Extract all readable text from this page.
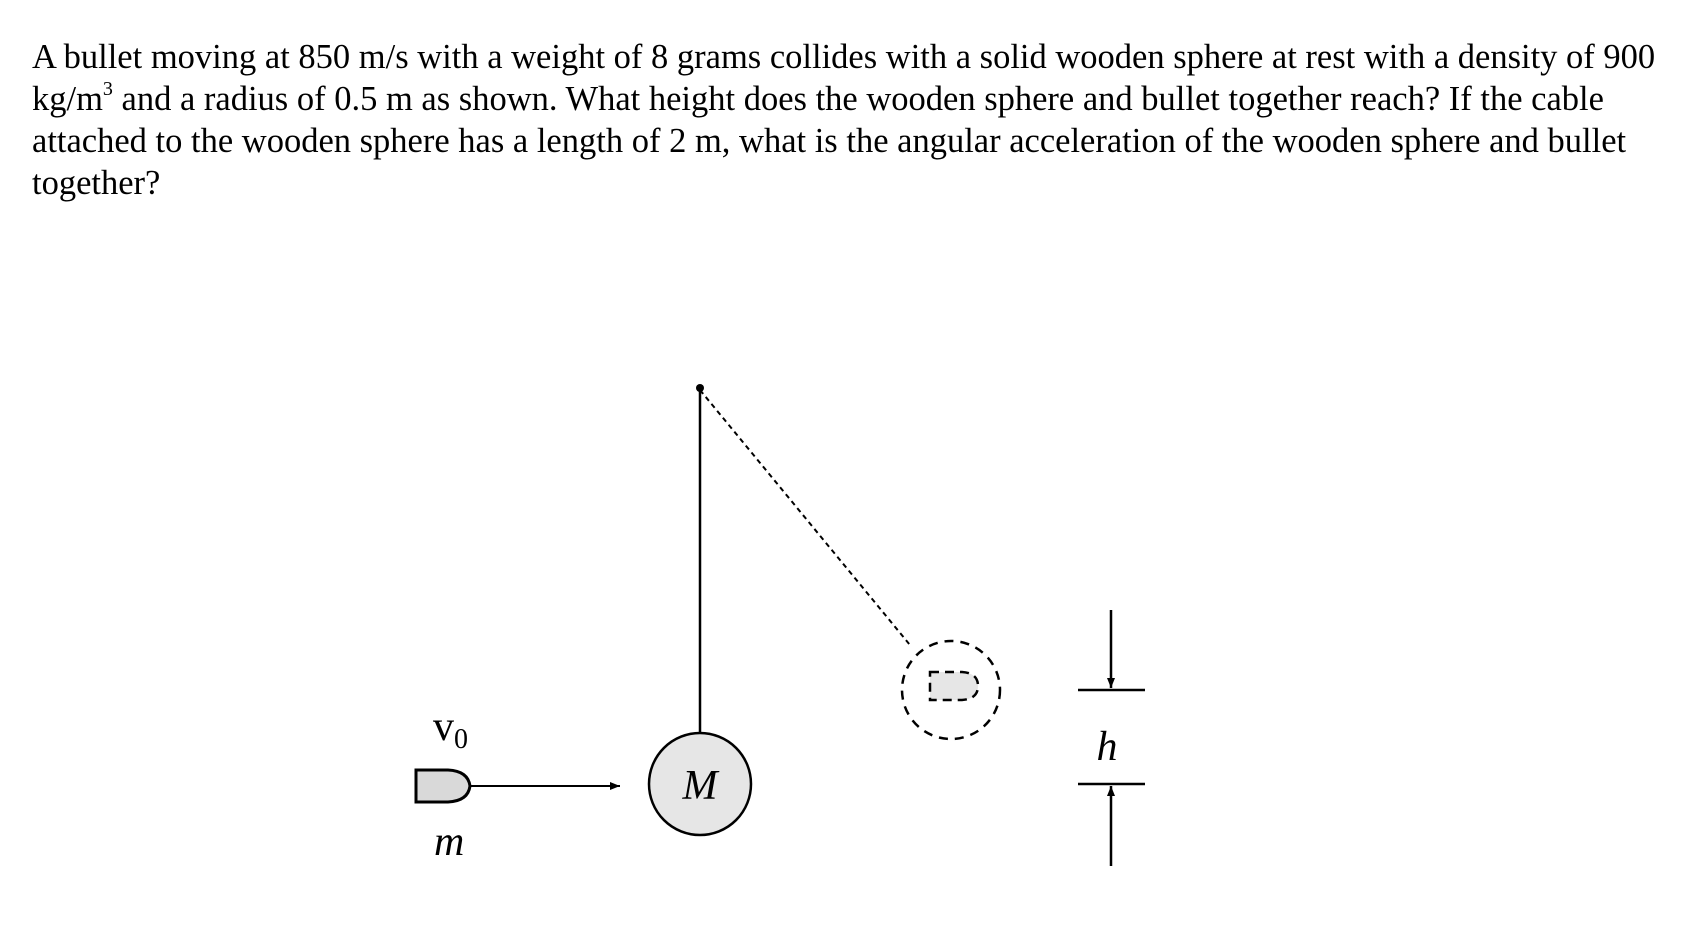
A bullet moving at 850 m/s with a weight of 8 grams collides with a solid wooden sphere at rest with a density of 900 $kg/m^3$ and a radius of 0.5 m as shown. What height does the wooden sphere and bullet together reach? If the cable attached to the wooden sphere has a length of 2 m, what is the angular acceleration of the wooden sphere and bullet together?

M
v0
m
h
